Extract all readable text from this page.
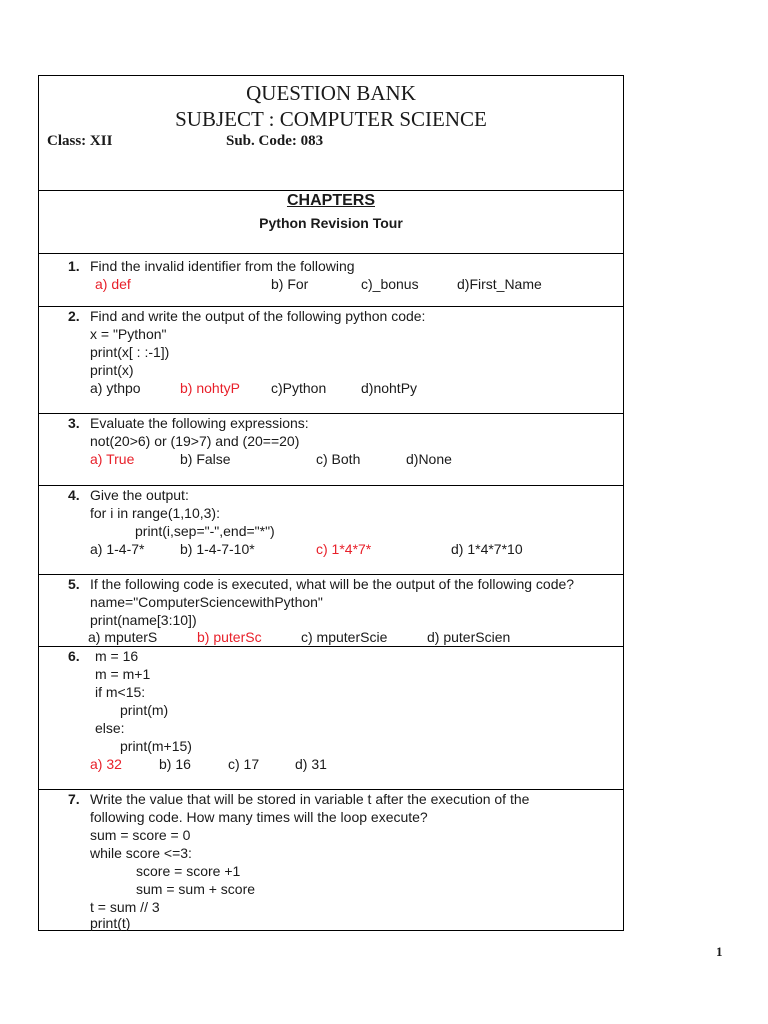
QUESTION BANK
SUBJECT : COMPUTER SCIENCE
Class: XII	Sub. Code: 083
CHAPTERS
Python Revision Tour
1. Find the invalid identifier from the following
a) def	b) For	c)_bonus	d)First_Name
2. Find and write the output of the following python code:
x = "Python"
print(x[ : :-1])
print(x)
a) ythpo	b) nohtyP c)Python d)nohtPy
3. Evaluate the following expressions:
not(20>6) or (19>7) and (20==20)
a) True	b) False	c) Both	d)None
4. Give the output:
for i in range(1,10,3):
print(i,sep="-",end="*")
a) 1-4-7*	b) 1-4-7-10*	c) 1*4*7*	d) 1*4*7*10
5. If the following code is executed, what will be the output of the following code?
name="ComputerSciencewithPython"
print(name[3:10])
a) mputerS	b) puterSc	c) mputerScie	d) puterScien
6. m = 16
m = m+1
if m<15:
print(m)
else:
print(m+15)
a) 32	b) 16	c) 17	d) 31
7. Write the value that will be stored in variable t after the execution of the
following code. How many times will the loop execute?
sum = score = 0
while score <=3:
score = score +1
sum = sum + score
t = sum // 3
print(t)
1
